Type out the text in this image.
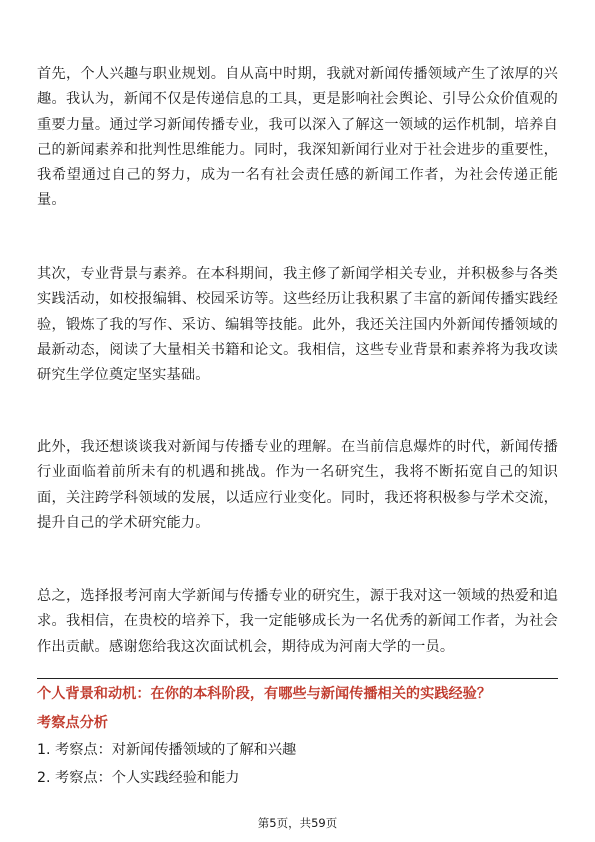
首先，个人兴趣与职业规划。自从高中时期，我就对新闻传播领域产生了浓厚的兴趣。我认为，新闻不仅是传递信息的工具，更是影响社会舆论、引导公众价值观的重要力量。通过学习新闻传播专业，我可以深入了解这一领域的运作机制，培养自己的新闻素养和批判性思维能力。同时，我深知新闻行业对于社会进步的重要性，我希望通过自己的努力，成为一名有社会责任感的新闻工作者，为社会传递正能量。

其次，专业背景与素养。在本科期间，我主修了新闻学相关专业，并积极参与各类实践活动，如校报编辑、校园采访等。这些经历让我积累了丰富的新闻传播实践经验，锻炼了我的写作、采访、编辑等技能。此外，我还关注国内外新闻传播领域的最新动态，阅读了大量相关书籍和论文。我相信，这些专业背景和素养将为我攻读研究生学位奠定坚实基础。

此外，我还想谈谈我对新闻与传播专业的理解。在当前信息爆炸的时代，新闻传播行业面临着前所未有的机遇和挑战。作为一名研究生，我将不断拓宽自己的知识面，关注跨学科领域的发展，以适应行业变化。同时，我还将积极参与学术交流，提升自己的学术研究能力。

总之，选择报考河南大学新闻与传播专业的研究生，源于我对这一领域的热爱和追求。我相信，在贵校的培养下，我一定能够成长为一名优秀的新闻工作者，为社会作出贡献。感谢您给我这次面试机会，期待成为河南大学的一员。

个人背景和动机：在你的本科阶段，有哪些与新闻传播相关的实践经验？

考察点分析

1. 考察点：对新闻传播领域的了解和兴趣

2. 考察点：个人实践经验和能力

第5页，共59页
